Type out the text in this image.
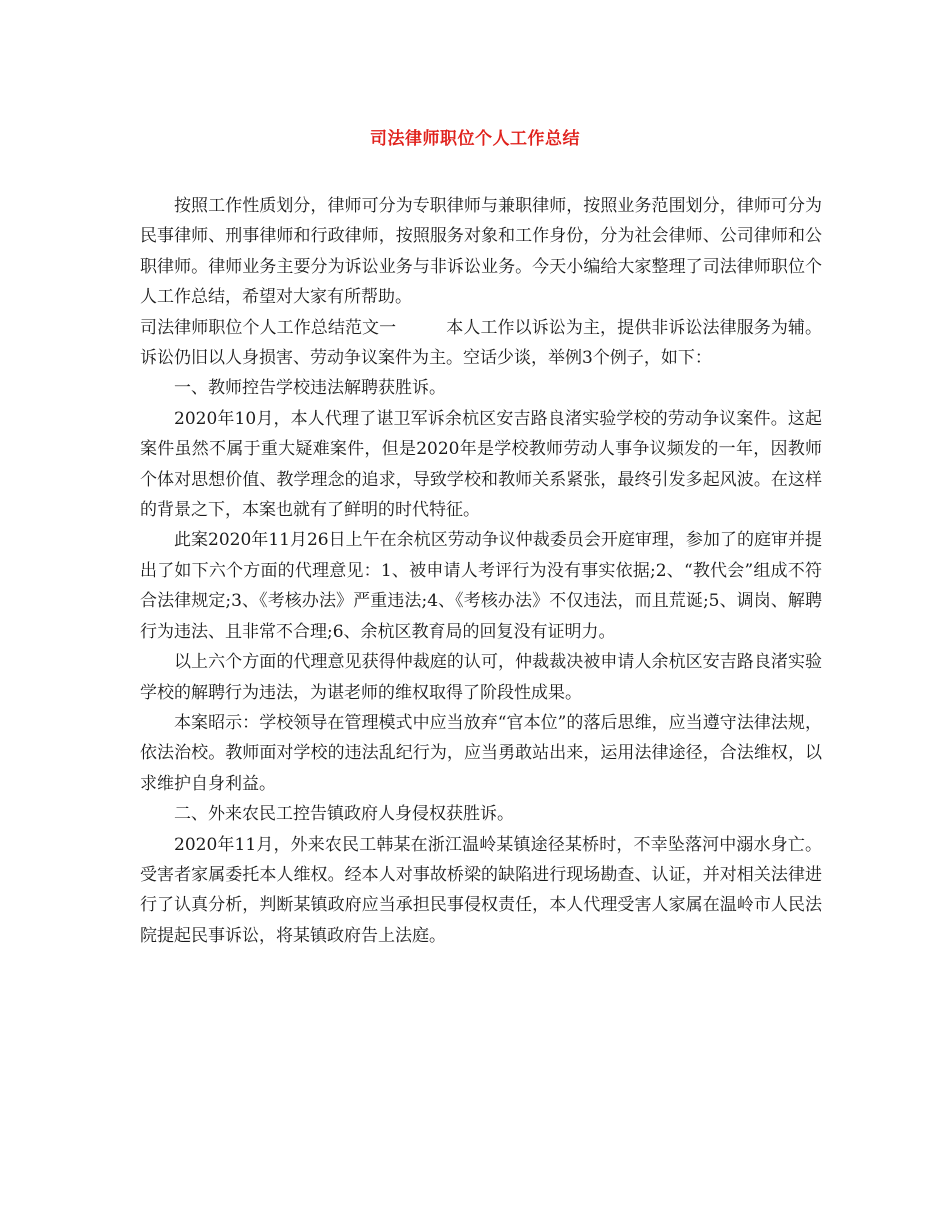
司法律师职位个人工作总结

按照工作性质划分，律师可分为专职律师与兼职律师，按照业务范围划分，律师可分为民事律师、刑事律师和行政律师，按照服务对象和工作身份，分为社会律师、公司律师和公职律师。律师业务主要分为诉讼业务与非诉讼业务。今天小编给大家整理了司法律师职位个人工作总结，希望对大家有所帮助。

司法律师职位个人工作总结范文一	本人工作以诉讼为主，提供非诉讼法律服务为辅。诉讼仍旧以人身损害、劳动争议案件为主。空话少谈，举例3个例子，如下：

一、教师控告学校违法解聘获胜诉。

2020年10月，本人代理了谌卫军诉余杭区安吉路良渚实验学校的劳动争议案件。这起案件虽然不属于重大疑难案件，但是2020年是学校教师劳动人事争议频发的一年，因教师个体对思想价值、教学理念的追求，导致学校和教师关系紧张，最终引发多起风波。在这样的背景之下，本案也就有了鲜明的时代特征。

此案2020年11月26日上午在余杭区劳动争议仲裁委员会开庭审理，参加了的庭审并提出了如下六个方面的代理意见：1、被申请人考评行为没有事实依据;2、“教代会”组成不符合法律规定;3、《考核办法》严重违法;4、《考核办法》不仅违法，而且荒诞;5、调岗、解聘行为违法、且非常不合理;6、余杭区教育局的回复没有证明力。

以上六个方面的代理意见获得仲裁庭的认可，仲裁裁决被申请人余杭区安吉路良渚实验学校的解聘行为违法，为谌老师的维权取得了阶段性成果。

本案昭示：学校领导在管理模式中应当放弃“官本位”的落后思维，应当遵守法律法规，依法治校。教师面对学校的违法乱纪行为，应当勇敢站出来，运用法律途径，合法维权，以求维护自身利益。

二、外来农民工控告镇政府人身侵权获胜诉。

2020年11月，外来农民工韩某在浙江温岭某镇途径某桥时，不幸坠落河中溺水身亡。受害者家属委托本人维权。经本人对事故桥梁的缺陷进行现场勘查、认证，并对相关法律进行了认真分析，判断某镇政府应当承担民事侵权责任，本人代理受害人家属在温岭市人民法院提起民事诉讼，将某镇政府告上法庭。
